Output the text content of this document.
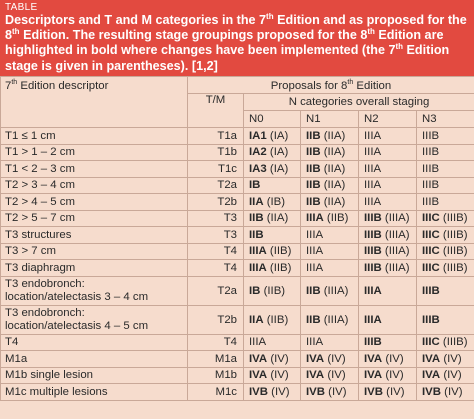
TABLE
Descriptors and T and M categories in the 7th Edition and as proposed for the 8th Edition. The resulting stage groupings proposed for the 8th Edition are highlighted in bold where changes have been implemented (the 7th Edition stage is given in parentheses). [1,2]
7th Edition descriptor	Proposals for 8th Edition				
	T/M	N categories overall staging			
		N0	N1	N2	N3
T1 ≤ 1 cm	T1a	IA1 (IA)	IIB (IIA)	IIIA	IIIB
T1 > 1 – 2 cm	T1b	IA2 (IA)	IIB (IIA)	IIIA	IIIB
T1 < 2 – 3 cm	T1c	IA3 (IA)	IIB (IIA)	IIIA	IIIB
T2 > 3 – 4 cm	T2a	IB	IIB (IIA)	IIIA	IIIB
T2 > 4 – 5 cm	T2b	IIA (IB)	IIB (IIA)	IIIA	IIIB
T2 > 5 – 7 cm	T3	IIB (IIA)	IIIA (IIB)	IIIB (IIIA)	IIIC (IIIB)
T3 structures	T3	IIB	IIIA	IIIB (IIIA)	IIIC (IIIB)
T3 > 7 cm	T4	IIIA (IIB)	IIIA	IIIB (IIIA)	IIIC (IIIB)
T3 diaphragm	T4	IIIA (IIB)	IIIA	IIIB (IIIA)	IIIC (IIIB)
T3 endobronch: location/atelectasis 3 – 4 cm	T2a	IB (IIB)	IIB (IIIA)	IIIA	IIIB
T3 endobronch: location/atelectasis 4 – 5 cm	T2b	IIA (IIB)	IIB (IIIA)	IIIA	IIIB
T4	T4	IIIA	IIIA	IIIB	IIIC (IIIB)
M1a	M1a	IVA (IV)	IVA (IV)	IVA (IV)	IVA (IV)
M1b single lesion	M1b	IVA (IV)	IVA (IV)	IVA (IV)	IVA (IV)
M1c multiple lesions	M1c	IVB (IV)	IVB (IV)	IVB (IV)	IVB (IV)
